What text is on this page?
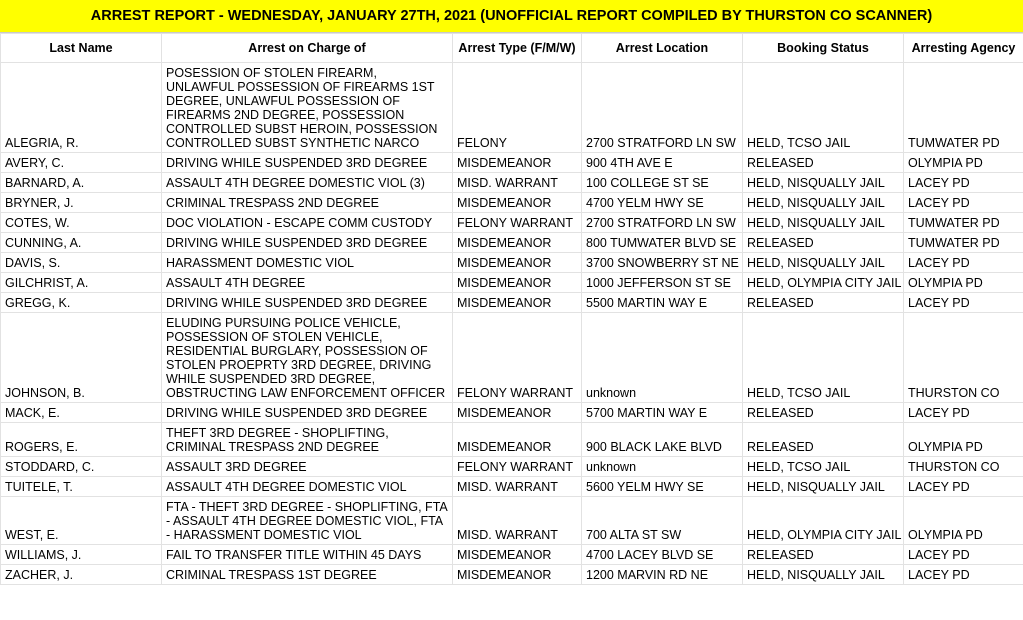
ARREST REPORT - WEDNESDAY, JANUARY 27TH, 2021 (UNOFFICIAL REPORT COMPILED BY THURSTON CO SCANNER)
Last Name	Arrest on Charge of	Arrest Type (F/M/W)	Arrest Location	Booking Status	Arresting Agency
ALEGRIA, R.	POSESSION OF STOLEN FIREARM, UNLAWFUL POSSESSION OF FIREARMS 1ST DEGREE, UNLAWFUL POSSESSION OF FIREARMS 2ND DEGREE, POSSESSION CONTROLLED SUBST HEROIN, POSSESSION CONTROLLED SUBST SYNTHETIC NARCO	FELONY	2700 STRATFORD LN SW	HELD, TCSO JAIL	TUMWATER PD
AVERY, C.	DRIVING WHILE SUSPENDED 3RD DEGREE	MISDEMEANOR	900 4TH AVE E	RELEASED	OLYMPIA PD
BARNARD, A.	ASSAULT 4TH DEGREE DOMESTIC VIOL (3)	MISD. WARRANT	100 COLLEGE ST SE	HELD, NISQUALLY JAIL	LACEY PD
BRYNER, J.	CRIMINAL TRESPASS 2ND DEGREE	MISDEMEANOR	4700 YELM HWY SE	HELD, NISQUALLY JAIL	LACEY PD
COTES, W.	DOC VIOLATION - ESCAPE COMM CUSTODY	FELONY WARRANT	2700 STRATFORD LN SW	HELD, NISQUALLY JAIL	TUMWATER PD
CUNNING, A.	DRIVING WHILE SUSPENDED 3RD DEGREE	MISDEMEANOR	800 TUMWATER BLVD SE	RELEASED	TUMWATER PD
DAVIS, S.	HARASSMENT DOMESTIC VIOL	MISDEMEANOR	3700 SNOWBERRY ST NE	HELD, NISQUALLY JAIL	LACEY PD
GILCHRIST, A.	ASSAULT 4TH DEGREE	MISDEMEANOR	1000 JEFFERSON ST SE	HELD, OLYMPIA CITY JAIL	OLYMPIA PD
GREGG, K.	DRIVING WHILE SUSPENDED 3RD DEGREE	MISDEMEANOR	5500 MARTIN WAY E	RELEASED	LACEY PD
JOHNSON, B.	ELUDING PURSUING POLICE VEHICLE, POSSESSION OF STOLEN VEHICLE, RESIDENTIAL BURGLARY, POSSESSION OF STOLEN PROEPRTY 3RD DEGREE, DRIVING WHILE SUSPENDED 3RD DEGREE, OBSTRUCTING LAW ENFORCEMENT OFFICER	FELONY WARRANT	unknown	HELD, TCSO JAIL	THURSTON CO
MACK, E.	DRIVING WHILE SUSPENDED 3RD DEGREE	MISDEMEANOR	5700 MARTIN WAY E	RELEASED	LACEY PD
ROGERS, E.	THEFT 3RD DEGREE - SHOPLIFTING, CRIMINAL TRESPASS 2ND DEGREE	MISDEMEANOR	900 BLACK LAKE BLVD	RELEASED	OLYMPIA PD
STODDARD, C.	ASSAULT 3RD DEGREE	FELONY WARRANT	unknown	HELD, TCSO JAIL	THURSTON CO
TUITELE, T.	ASSAULT 4TH DEGREE DOMESTIC VIOL	MISD. WARRANT	5600 YELM HWY SE	HELD, NISQUALLY JAIL	LACEY PD
WEST, E.	FTA - THEFT 3RD DEGREE - SHOPLIFTING, FTA - ASSAULT 4TH DEGREE DOMESTIC VIOL, FTA - HARASSMENT DOMESTIC VIOL	MISD. WARRANT	700 ALTA ST SW	HELD, OLYMPIA CITY JAIL	OLYMPIA PD
WILLIAMS, J.	FAIL TO TRANSFER TITLE WITHIN 45 DAYS	MISDEMEANOR	4700 LACEY BLVD SE	RELEASED	LACEY PD
ZACHER, J.	CRIMINAL TRESPASS 1ST DEGREE	MISDEMEANOR	1200 MARVIN RD NE	HELD, NISQUALLY JAIL	LACEY PD
